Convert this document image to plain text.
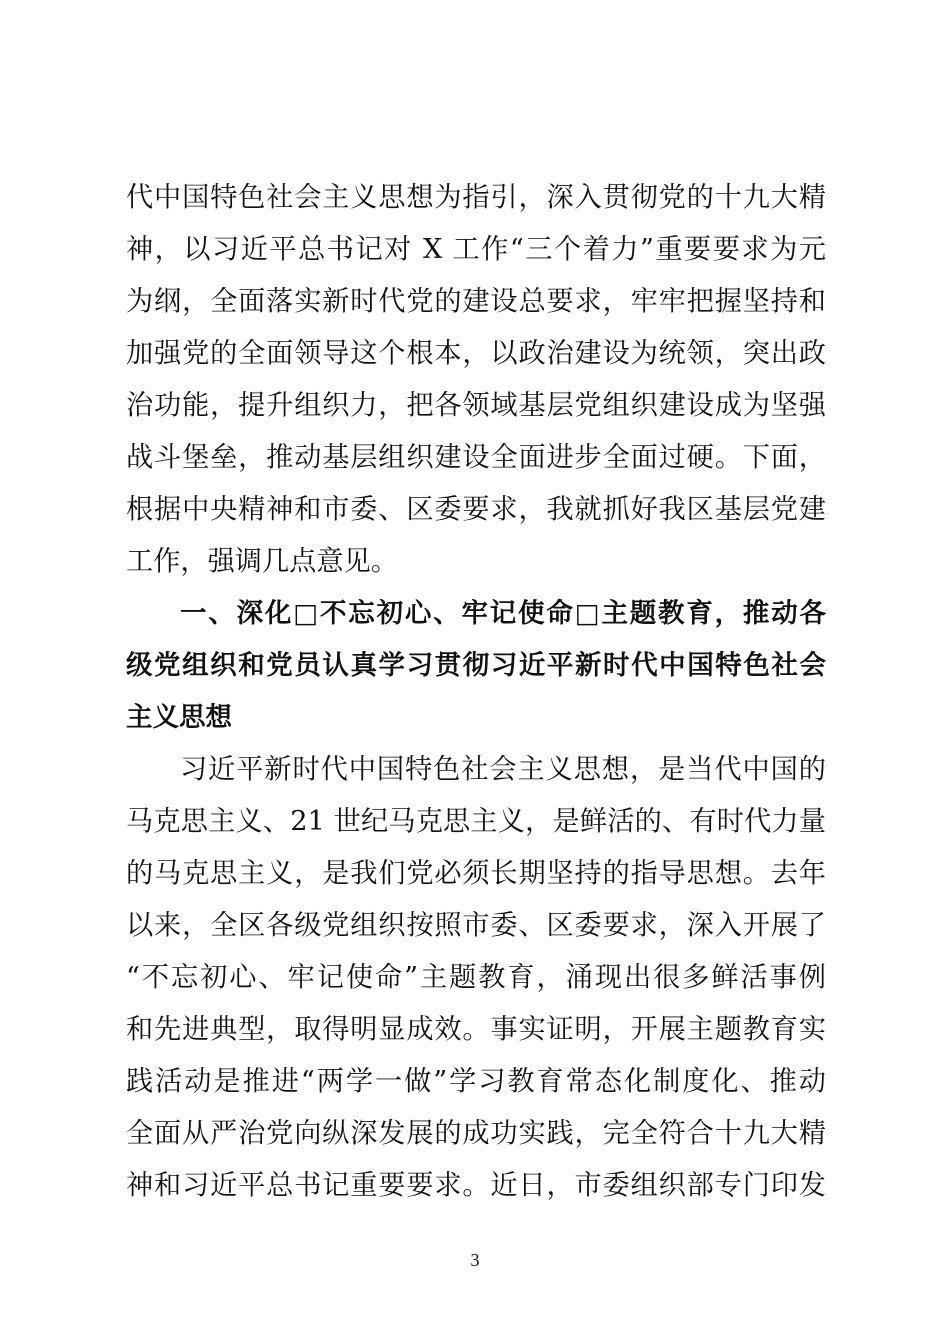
代中国特色社会主义思想为指引，深入贯彻党的十九大精
神，以习近平总书记对 X 工作“三个着力”重要要求为元
为纲，全面落实新时代党的建设总要求，牢牢把握坚持和
加强党的全面领导这个根本，以政治建设为统领，突出政
治功能，提升组织力，把各领域基层党组织建设成为坚强
战斗堡垒，推动基层组织建设全面进步全面过硬。下面，
根据中央精神和市委、区委要求，我就抓好我区基层党建
工作，强调几点意见。
一、深化□不忘初心、牢记使命□主题教育，推动各
级党组织和党员认真学习贯彻习近平新时代中国特色社会
主义思想
习近平新时代中国特色社会主义思想，是当代中国的
马克思主义、21 世纪马克思主义，是鲜活的、有时代力量
的马克思主义，是我们党必须长期坚持的指导思想。去年
以来，全区各级党组织按照市委、区委要求，深入开展了
“不忘初心、牢记使命”主题教育，涌现出很多鲜活事例
和先进典型，取得明显成效。事实证明，开展主题教育实
践活动是推进“两学一做”学习教育常态化制度化、推动
全面从严治党向纵深发展的成功实践，完全符合十九大精
神和习近平总书记重要要求。近日，市委组织部专门印发
3
